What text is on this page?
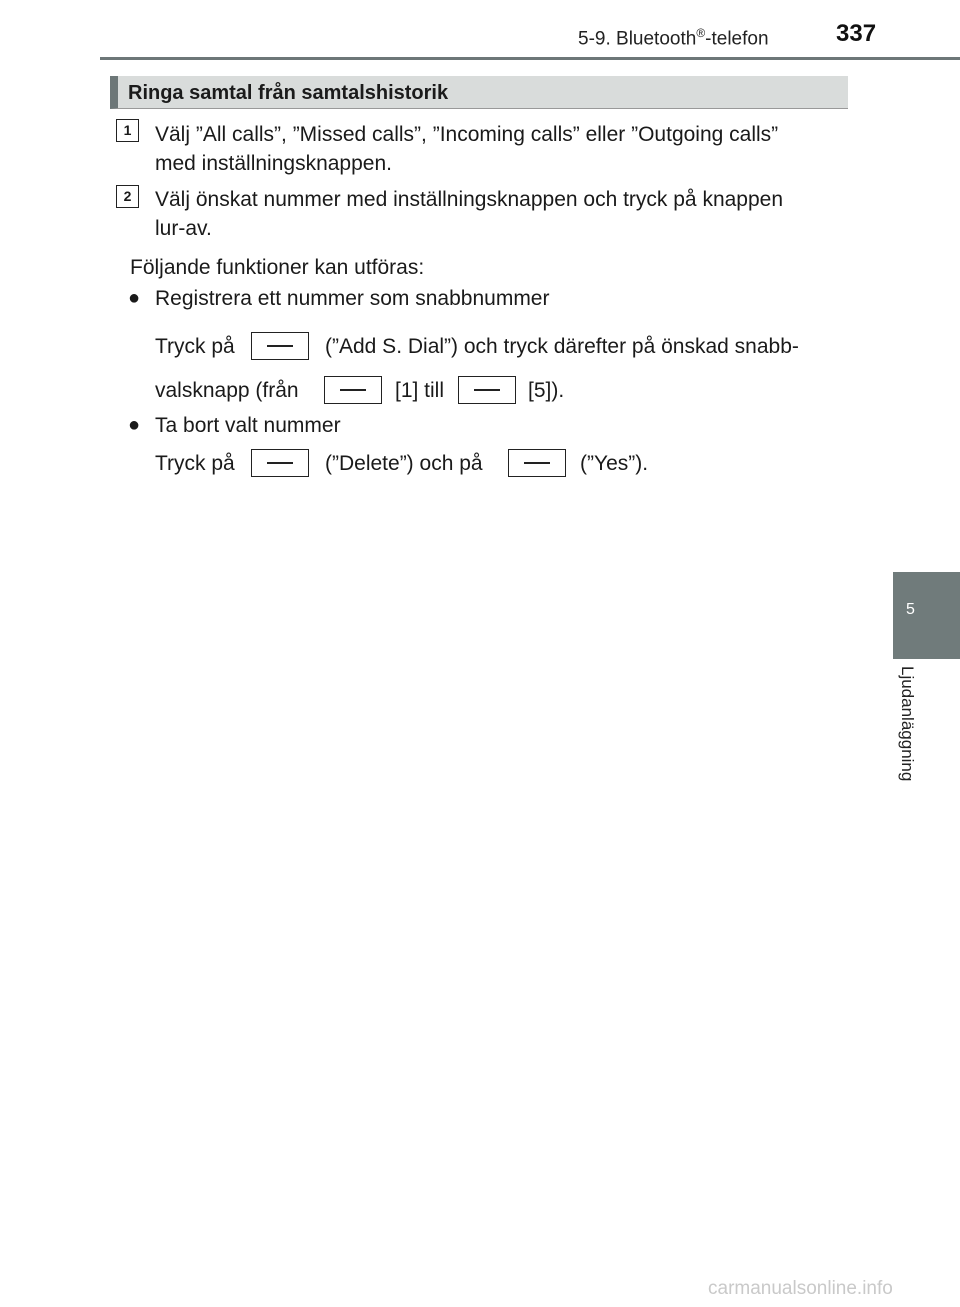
5-9. Bluetooth®-telefon	337
5
Ljudanläggning
Ringa samtal från samtalshistorik
1	Välj ”All calls”, ”Missed calls”, ”Incoming calls” eller ”Outgoing calls”
med inställningsknappen.
2	Välj önskat nummer med inställningsknappen och tryck på knappen
lur-av.
Följande funktioner kan utföras:
● Registrera ett nummer som snabbnummer
Tryck på	(”Add S. Dial”) och tryck därefter på önskad snabb-
valsknapp (från	[1] till	[5]).
● Ta bort valt nummer
Tryck på	(”Delete”) och på	(”Yes”).
carmanualsonline.info
